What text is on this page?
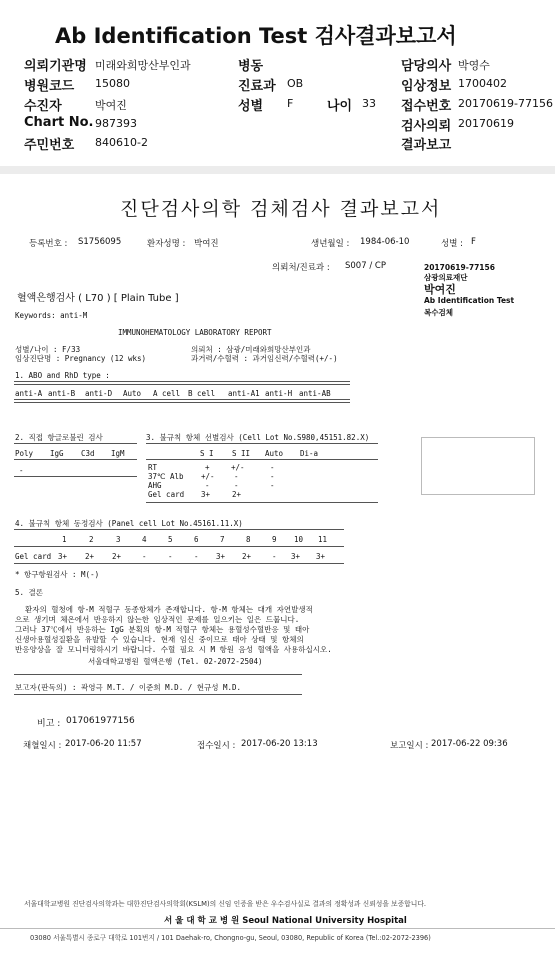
Ab Identification Test 검사결과보고서
의뢰기관명 미래와희망산부인과	병동	담당의사 박영수
병원코드 15080	진료과 OB	임상정보 1700402
수진자	박여진	성별 F	나이 33 접수번호 20170619-77156
Chart No. 987393	검사의뢰 20170619
주민번호 840610-2	결과보고
진단검사의학 검체검사 결과보고서
등록번호 : S1756095	환자성명 : 박여진	생년월일 : 1984-06-10	성별 : F
의뢰처/진료과 : S007 / CP	20170619-77156
삼광의료재단
박여진
Ab Identification Test
복수검체
혈액은행검사 ( L70 ) [ Plain Tube ]
Keywords: anti-M
IMMUNOHEMATOLOGY LABORATORY REPORT
성별/나이 : F/33
임상진단명 : Pregnancy (12 wks)
의뢰처 : 삼광/미래와희망산부인과
과거력/수혈력 : 과거임신력/수혈력(+/-)
1. ABO and RhD type :
anti-A anti-B anti-D Auto A cell B cell anti-A1 anti-H anti-AB
2. 직접 항글로불린 검사
Poly IgG C3d IgM
-
3. 불규칙 항체 선별검사 (Cell Lot No.S980,45151.82.X)
S I S II Auto Di-a
RT	+	+/-	-
37℃ Alb +/-	-	-
AHG	-	-	-
Gel card 3+	2+
4. 불규칙 항체 동정검사 (Panel cell Lot No.45161.11.X)
1	2	3	4	5	6	7	8	9 10 11
Gel card 3+ 2+ 2+	-	-	- 3+ 2+	- 3+ 3+
* 항구항원검사 : M(-)
5. 결론
환자의 혈청에 항-M 적혈구 동종항체가 존재합니다. 항-M 항체는 대개 자연발생적
으로 생기며 체온에서 반응하지 않는한 임상적인 문제를 일으키는 일은 드뭅니다.
그러나 37℃에서 반응하는 IgG 분획의 항-M 적혈구 항체는 용혈성수혈반응 및 태아
신생아용혈성질환을 유발할 수 있습니다. 현재 임신 중이므로 태아 상태 및 항체의
반응양상을 잘 모니터링하시기 바랍니다. 수혈 필요 시 M 항원 음성 혈액을 사용하십시오.
서울대학교병원 혈액은행 (Tel. 02-2072-2504)
보고자(판독의) : 곽영극 M.T. / 이준희 M.D. / 현규성 M.D.
비고 : 017061977156
채혈일시 : 2017-06-20 11:57	접수일시 : 2017-06-20 13:13	보고일시 : 2017-06-22 09:36
서울대학교병원 진단검사의학과는 대한진단검사의학회(KSLM)의 신임 인증을 받은 우수검사실로 결과의 정확성과 신뢰성을 보증합니다.
서 울 대 학 교 병 원 Seoul National University Hospital
03080 서울특별시 종로구 대학로 101번지 / 101 Daehak-ro, Chongno-gu, Seoul, 03080, Republic of Korea (Tel.:02-2072-2396)
